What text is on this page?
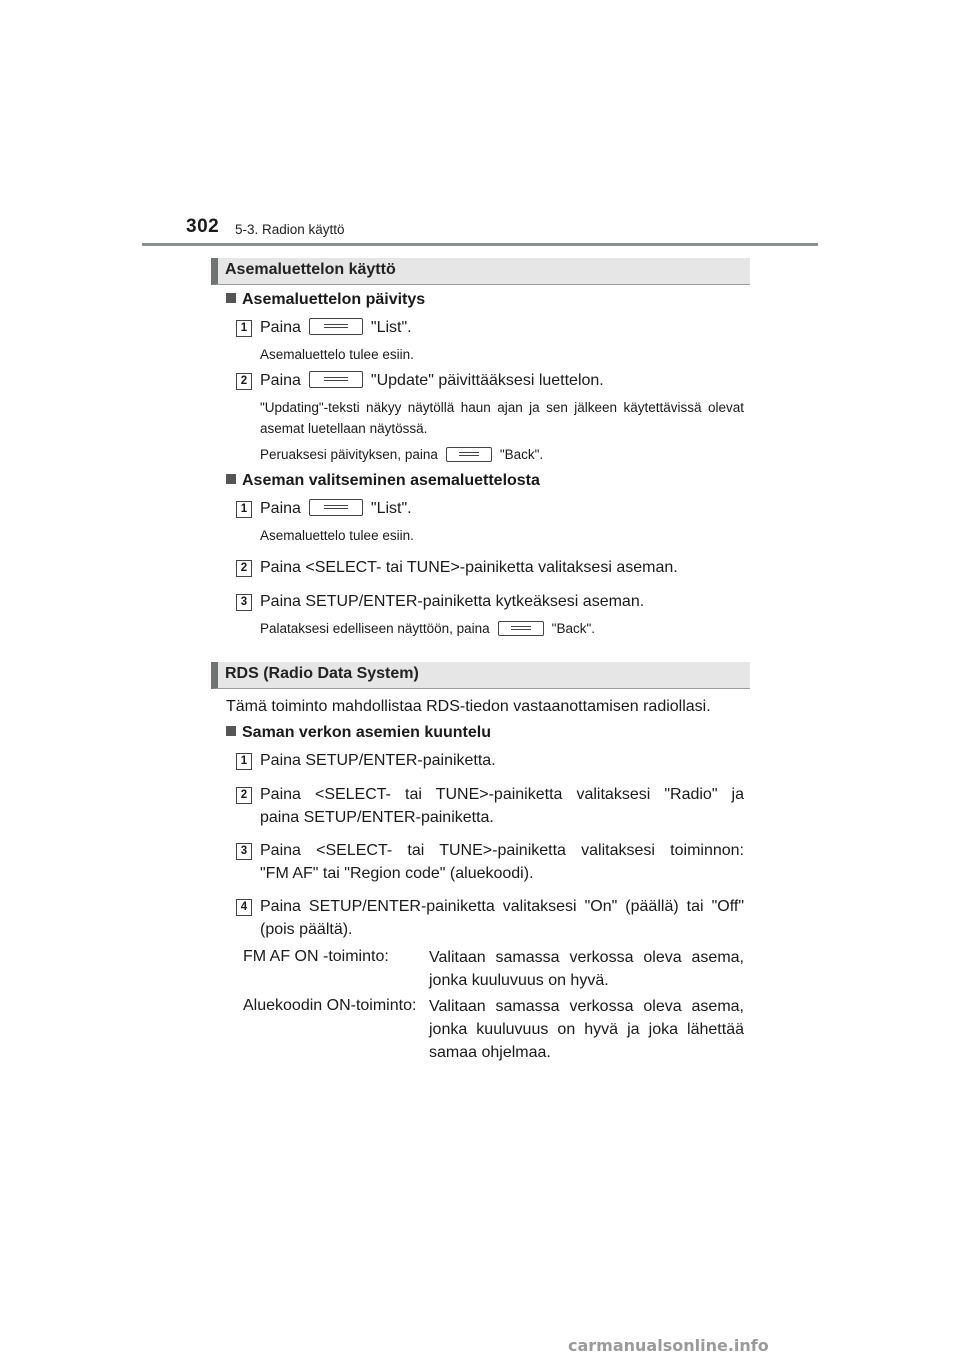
302 5-3. Radion käyttö
Asemaluettelon käyttö
Asemaluettelon päivitys
1 Paina	"List".
Asemaluettelo tulee esiin.
2 Paina	"Update" päivittääksesi luettelon.
"Updating"-teksti näkyy näytöllä haun ajan ja sen jälkeen käytettävissä olevat asemat luetellaan näytössä.
Peruaksesi päivityksen, paina	"Back".
Aseman valitseminen asemaluettelosta
1 Paina	"List".
Asemaluettelo tulee esiin.
2 Paina <SELECT- tai TUNE>-painiketta valitaksesi aseman.
3 Paina SETUP/ENTER-painiketta kytkeäksesi aseman.
Palataksesi edelliseen näyttöön, paina	"Back".
RDS (Radio Data System)
Tämä toiminto mahdollistaa RDS-tiedon vastaanottamisen radiollasi.
Saman verkon asemien kuuntelu
1 Paina SETUP/ENTER-painiketta.
2 Paina <SELECT- tai TUNE>-painiketta valitaksesi "Radio" ja
paina SETUP/ENTER-painiketta.
3 Paina <SELECT- tai TUNE>-painiketta valitaksesi toiminnon:
"FM AF" tai "Region code" (aluekoodi).
4 Paina SETUP/ENTER-painiketta valitaksesi "On" (päällä) tai "Off"
(pois päältä).
FM AF ON -toiminto:	Valitaan samassa verkossa oleva asema,
jonka kuuluvuus on hyvä.
Aluekoodin ON-toiminto: Valitaan samassa verkossa oleva asema,
jonka kuuluvuus on hyvä ja joka lähettää
samaa ohjelmaa.
carmanualsonline.info
